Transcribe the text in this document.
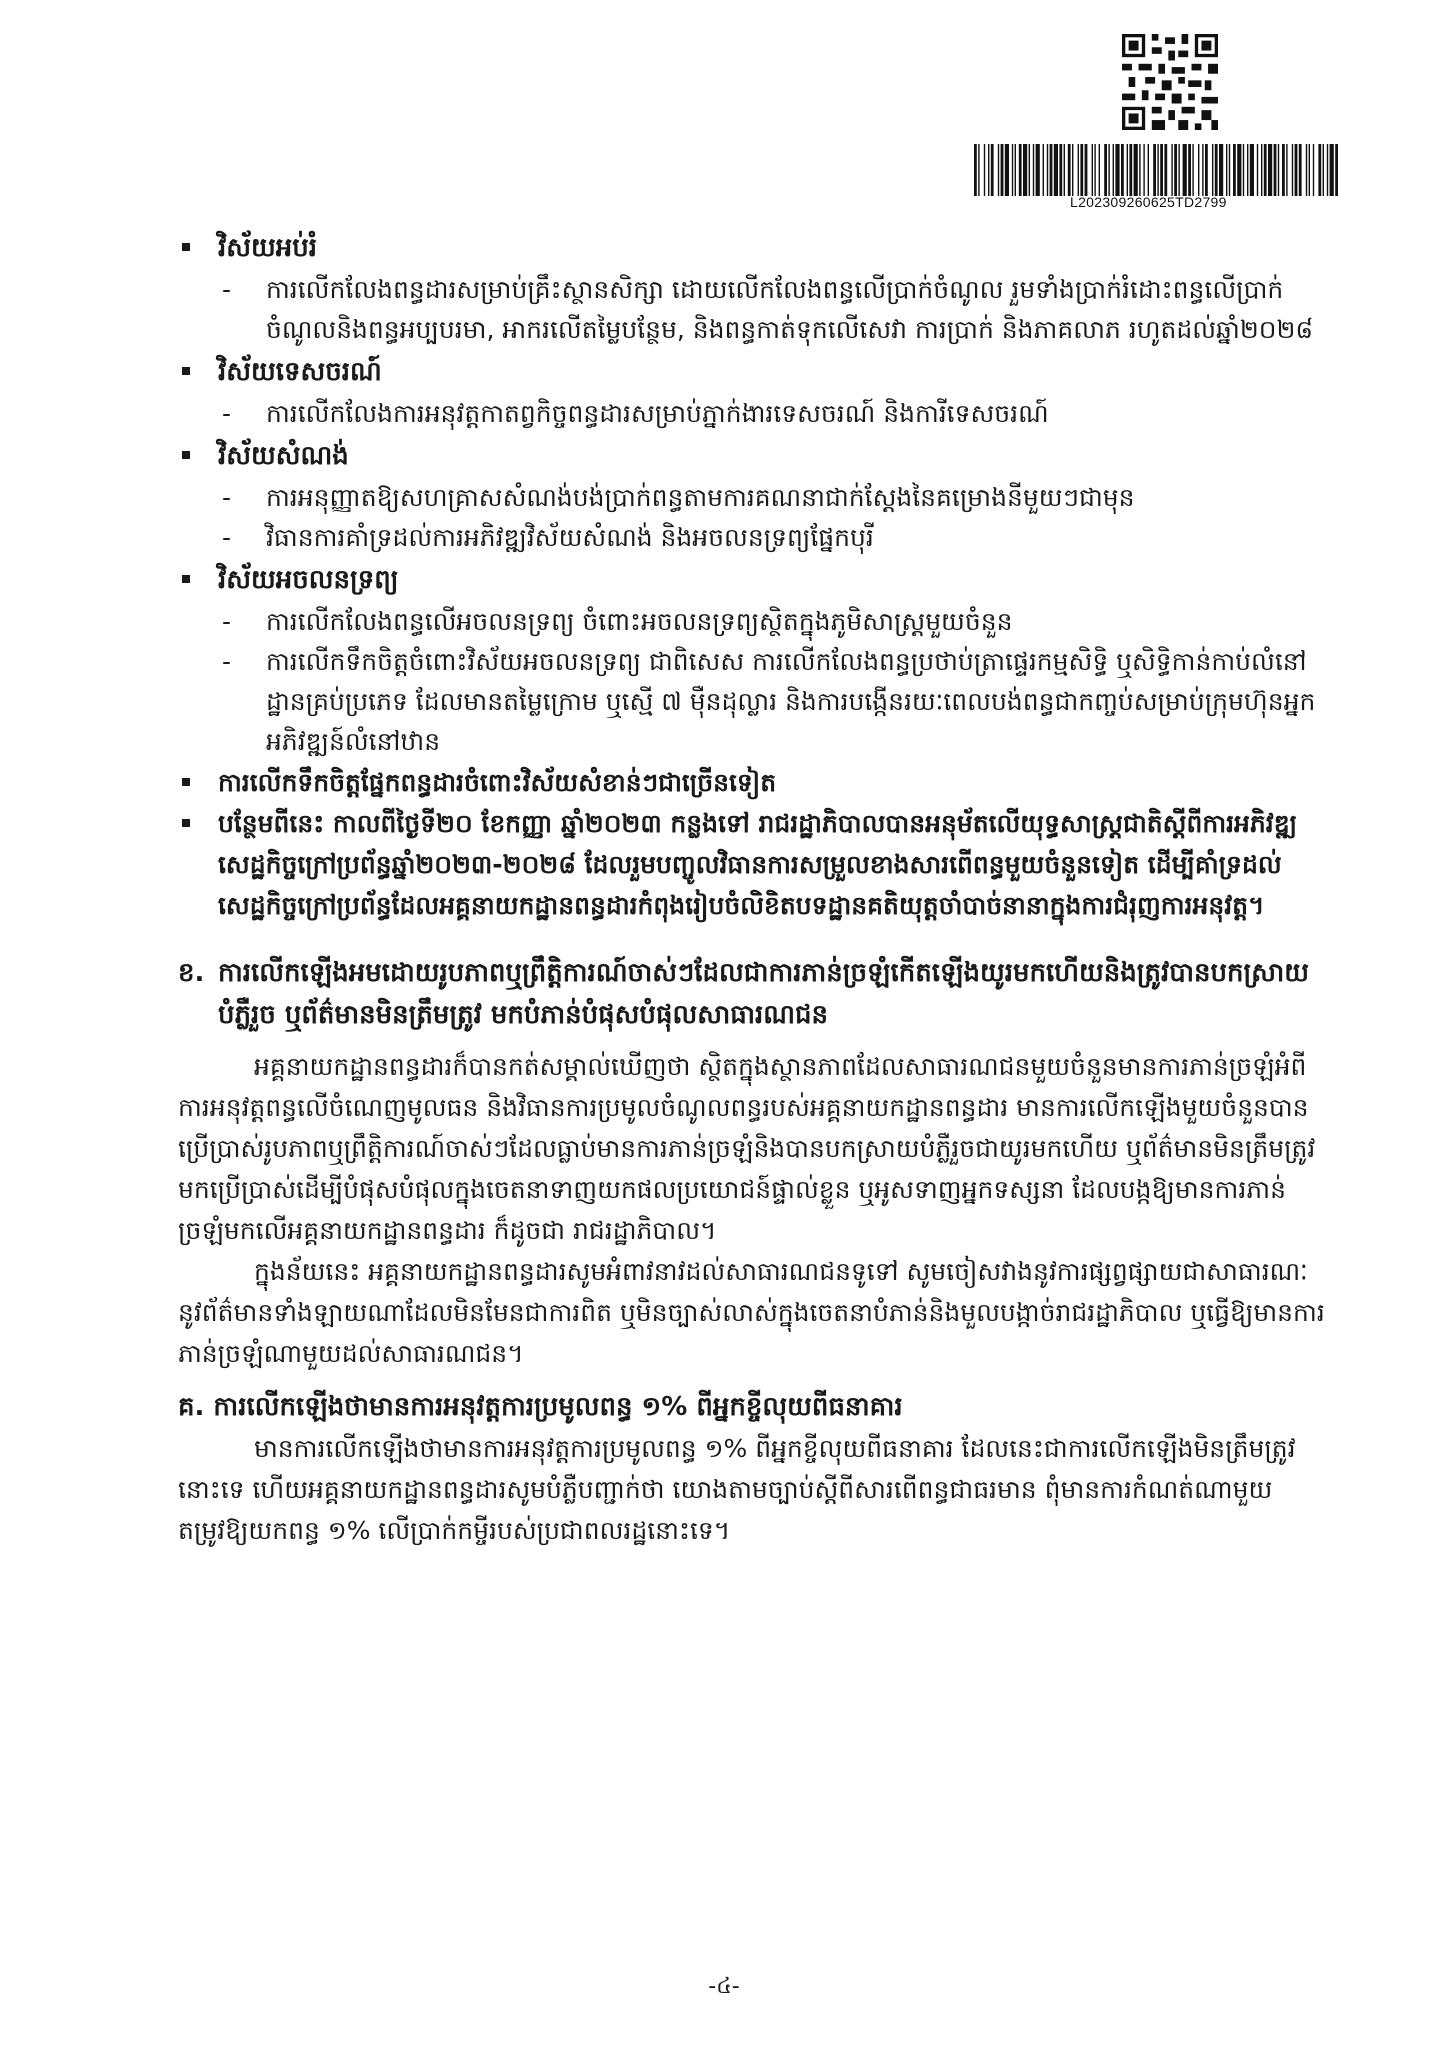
L202309260625TD2799

វិស័យអប់រំ

- ការលើកលែងពន្ធដារសម្រាប់គ្រឹះស្ថានសិក្សា ដោយលើកលែងពន្ធលើប្រាក់ចំណូល រួមទាំងប្រាក់រំដោះពន្ធលើប្រាក់ចំណូលនិងពន្ធអប្បបរមា, អាករលើតម្លៃបន្ថែម, និងពន្ធកាត់ទុកលើសេវា ការប្រាក់ និងភាគលាភ រហូតដល់ឆ្នាំ២០២៨

វិស័យទេសចរណ៍

- ការលើកលែងការអនុវត្តកាតព្វកិច្ចពន្ធដារសម្រាប់ភ្នាក់ងារទេសចរណ៍ និងការីទេសចរណ៍

វិស័យសំណង់

- ការអនុញ្ញាតឱ្យសហគ្រាសសំណង់បង់ប្រាក់ពន្ធតាមការគណនាជាក់ស្តែងនៃគម្រោងនីមួយៗជាមុន

- វិធានការគាំទ្រដល់ការអភិវឌ្ឍវិស័យសំណង់ និងអចលនទ្រព្យផ្នែកបុរី

វិស័យអចលនទ្រព្យ

- ការលើកលែងពន្ធលើអចលនទ្រព្យ ចំពោះអចលនទ្រព្យស្ថិតក្នុងភូមិសាស្រ្តមួយចំនួន

- ការលើកទឹកចិត្តចំពោះវិស័យអចលនទ្រព្យ ជាពិសេស ការលើកលែងពន្ធប្រថាប់ត្រាផ្ទេរកម្មសិទ្ធិ ឬសិទ្ធិកាន់កាប់លំនៅដ្ឋានគ្រប់ប្រភេទ ដែលមានតម្លៃក្រោម ឬស្មើ ៧ ម៉ឺនដុល្លារ និងការបង្កើនរយៈពេលបង់ពន្ធជាកញ្ចប់សម្រាប់ក្រុមហ៊ុនអ្នកអភិវឌ្ឍន៍លំនៅឋាន

ការលើកទឹកចិត្តផ្នែកពន្ធដារចំពោះវិស័យសំខាន់ៗជាច្រើនទៀត

បន្ថែមពីនេះ កាលពីថ្ងៃទី២០ ខែកញ្ញា ឆ្នាំ២០២៣ កន្លងទៅ រាជរដ្ឋាភិបាលបានអនុម័តលើយុទ្ធសាស្រ្តជាតិស្តីពីការអភិវឌ្ឍសេដ្ឋកិច្ចក្រៅប្រព័ន្ធឆ្នាំ២០២៣-២០២៨ ដែលរួមបញ្ចូលវិធានការសម្រួលខាងសារពើពន្ធមួយចំនួនទៀត ដើម្បីគាំទ្រដល់សេដ្ឋកិច្ចក្រៅប្រព័ន្ធដែលអគ្គនាយកដ្ឋានពន្ធដារកំពុងរៀបចំលិខិតបទដ្ឋានគតិយុត្តចាំបាច់នានាក្នុងការជំរុញការអនុវត្ត។

ខ. ការលើកឡើងអមដោយរូបភាពឬព្រឹត្តិការណ៍ចាស់ៗដែលជាការភាន់ច្រឡំកើតឡើងយូរមកហើយនិងត្រូវបានបកស្រាយបំភ្លឺរួច ឬព័ត៌មានមិនត្រឹមត្រូវ មកបំភាន់បំផុសបំផុលសាធារណជន

អគ្គនាយកដ្ឋានពន្ធដារក៏បានកត់សម្គាល់ឃើញថា ស្ថិតក្នុងស្ថានភាពដែលសាធារណជនមួយចំនួនមានការភាន់ច្រឡំអំពីការអនុវត្តពន្ធលើចំណេញមូលធន និងវិធានការប្រមូលចំណូលពន្ធរបស់អគ្គនាយកដ្ឋានពន្ធដារ មានការលើកឡើងមួយចំនួនបានប្រើប្រាស់រូបភាពឬព្រឹត្តិការណ៍ចាស់ៗដែលធ្លាប់មានការភាន់ច្រឡំនិងបានបកស្រាយបំភ្លឺរួចជាយូរមកហើយ ឬព័ត៌មានមិនត្រឹមត្រូវ មកប្រើប្រាស់ដើម្បីបំផុសបំផុលក្នុងចេតនាទាញយកផលប្រយោជន៍ផ្ទាល់ខ្លួន ឬអូសទាញអ្នកទស្សនា ដែលបង្កឱ្យមានការភាន់ច្រឡំមកលើអគ្គនាយកដ្ឋានពន្ធដារ ក៏ដូចជា រាជរដ្ឋាភិបាល។

ក្នុងន័យនេះ អគ្គនាយកដ្ឋានពន្ធដារសូមអំពាវនាវដល់សាធារណជនទូទៅ សូមចៀសវាងនូវការផ្សព្វផ្សាយជាសាធារណៈនូវព័ត៌មានទាំងឡាយណាដែលមិនមែនជាការពិត ឬមិនច្បាស់លាស់ក្នុងចេតនាបំភាន់និងមួលបង្កាច់រាជរដ្ឋាភិបាល ឬធ្វើឱ្យមានការភាន់ច្រឡំណាមួយដល់សាធារណជន។

គ. ការលើកឡើងថាមានការអនុវត្តការប្រមូលពន្ធ ១% ពីអ្នកខ្ចីលុយពីធនាគារ

មានការលើកឡើងថាមានការអនុវត្តការប្រមូលពន្ធ ១% ពីអ្នកខ្ចីលុយពីធនាគារ ដែលនេះជាការលើកឡើងមិនត្រឹមត្រូវនោះទេ ហើយអគ្គនាយកដ្ឋានពន្ធដារសូមបំភ្លឺបញ្ជាក់ថា យោងតាមច្បាប់ស្តីពីសារពើពន្ធជាធរមាន ពុំមានការកំណត់ណាមួយតម្រូវឱ្យយកពន្ធ ១% លើប្រាក់កម្ចីរបស់ប្រជាពលរដ្ឋនោះទេ។

-៤-
